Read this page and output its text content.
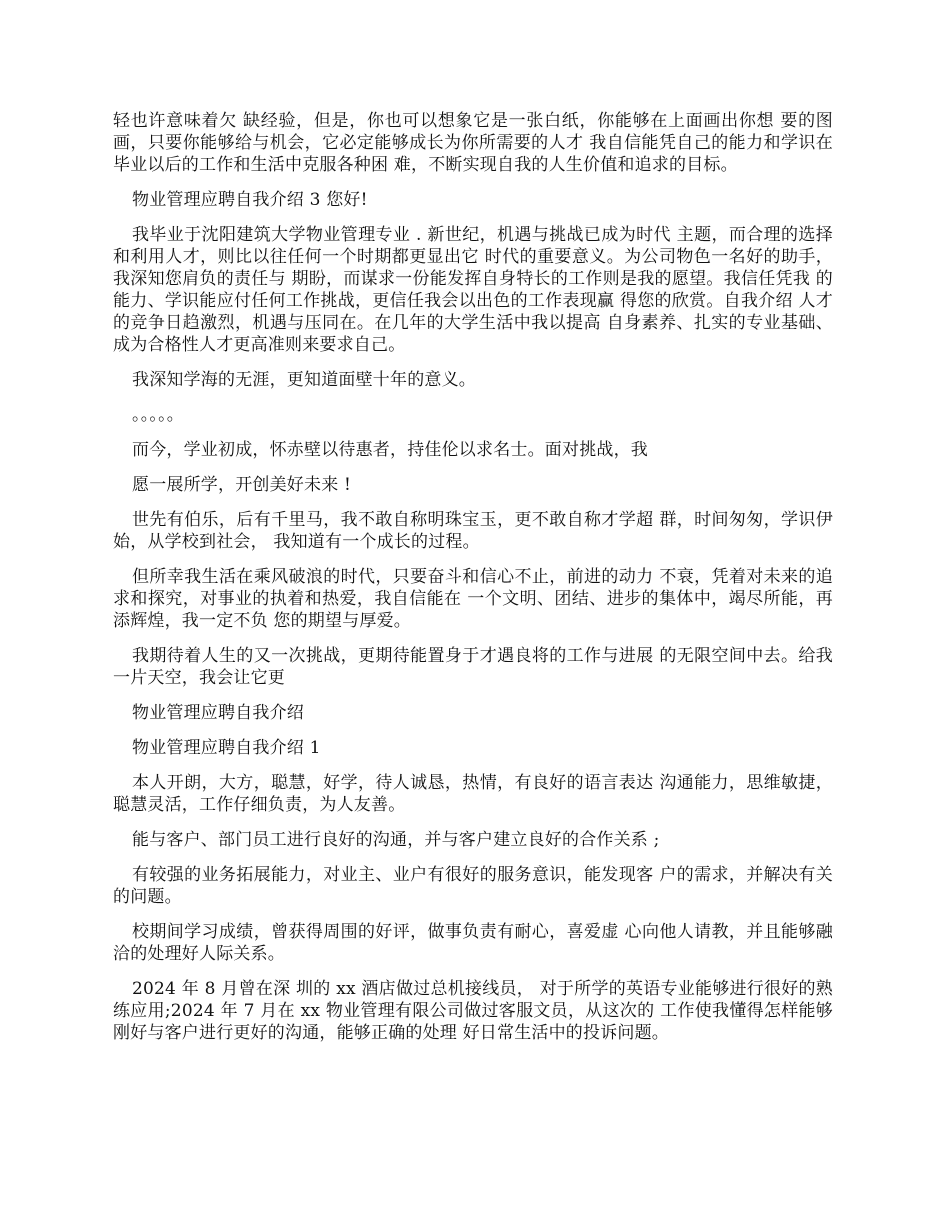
轻也许意味着欠 缺经验，但是，你也可以想象它是一张白纸，你能够在上面画出你想 要的图画，只要你能够给与机会，它必定能够成长为你所需要的人才 我自信能凭自己的能力和学识在毕业以后的工作和生活中克服各种困 难，不断实现自我的人生价值和追求的目标。

物业管理应聘自我介绍 3 您好!

我毕业于沈阳建筑大学物业管理专业 . 新世纪，机遇与挑战已成为时代 主题，而合理的选择和利用人才，则比以往任何一个时期都更显出它 时代的重要意义。为公司物色一名好的助手，我深知您肩负的责任与 期盼，而谋求一份能发挥自身特长的工作则是我的愿望。我信任凭我 的能力、学识能应付任何工作挑战，更信任我会以出色的工作表现赢 得您的欣赏。自我介绍 人才的竞争日趋激烈，机遇与压同在。在几年的大学生活中我以提高 自身素养、扎实的专业基础、成为合格性人才更高准则来要求自己。

我深知学海的无涯，更知道面壁十年的意义。

。。。。。

而今，学业初成，怀赤壁以待惠者，持佳伦以求名士。面对挑战，我

愿一展所学，开创美好未来 !

世先有伯乐，后有千里马，我不敢自称明珠宝玉，更不敢自称才学超 群，时间匆匆，学识伊始，从学校到社会， 我知道有一个成长的过程。

但所幸我生活在乘风破浪的时代，只要奋斗和信心不止，前进的动力 不衰，凭着对未来的追求和探究，对事业的执着和热爱，我自信能在 一个文明、团结、进步的集体中，竭尽所能，再添辉煌，我一定不负 您的期望与厚爱。

我期待着人生的又一次挑战，更期待能置身于才遇良将的工作与进展 的无限空间中去。给我一片天空，我会让它更

物业管理应聘自我介绍

物业管理应聘自我介绍 1

本人开朗，大方，聪慧，好学，待人诚恳，热情，有良好的语言表达 沟通能力，思维敏捷，聪慧灵活，工作仔细负责，为人友善。

能与客户、部门员工进行良好的沟通，并与客户建立良好的合作关系 ;

有较强的业务拓展能力，对业主、业户有很好的服务意识，能发现客 户的需求，并解决有关的问题。

校期间学习成绩，曾获得周围的好评，做事负责有耐心，喜爱虚 心向他人请教，并且能够融洽的处理好人际关系。

2024 年 8 月曾在深 圳的 xx 酒店做过总机接线员， 对于所学的英语专业能够进行很好的熟 练应用;2024 年 7 月在 xx 物业管理有限公司做过客服文员，从这次的 工作使我懂得怎样能够刚好与客户进行更好的沟通，能够正确的处理 好日常生活中的投诉问题。
